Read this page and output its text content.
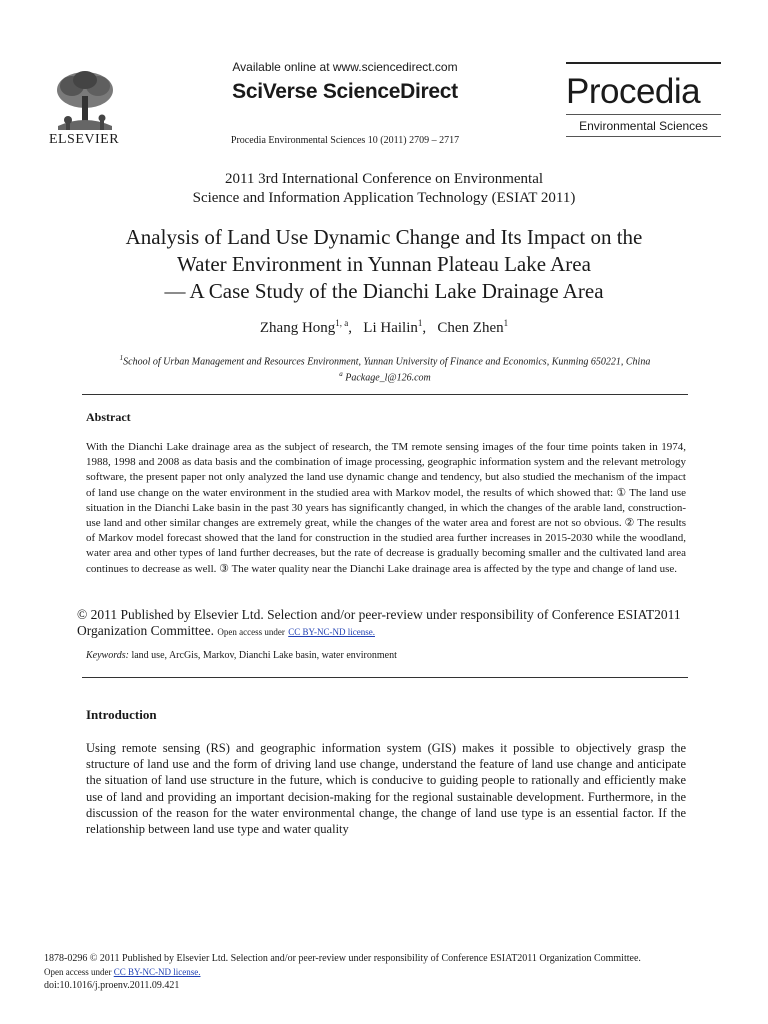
ELSEVIER
Available online at www.sciencedirect.com
SciVerse ScienceDirect
Procedia Environmental Sciences 10 (2011) 2709 – 2717
Procedia
Environmental Sciences
2011 3rd International Conference on Environmental
Science and Information Application Technology (ESIAT 2011)
Analysis of Land Use Dynamic Change and Its Impact on the
Water Environment in Yunnan Plateau Lake Area
— A Case Study of the Dianchi Lake Drainage Area
Zhang Hong$^{1, a}$, Li Hailin$^1$, Chen Zhen$^1$
$^1$School of Urban Management and Resources Environment, Yunnan University of Finance and Economics, Kunming 650221, China
$^a$ Package_l@126.com
Abstract
With the Dianchi Lake drainage area as the subject of research, the TM remote sensing images of the four time points taken in 1974, 1988, 1998 and 2008 as data basis and the combination of image processing, geographic information system and the relevant metrology software, the present paper not only analyzed the land use dynamic change and tendency, but also studied the mechanism of the impact of land use change on the water environment in the studied area with Markov model, the results of which showed that: ① The land use situation in the Dianchi Lake basin in the past 30 years has significantly changed, in which the changes of the arable land, construction-use land and other similar changes are extremely great, while the changes of the water area and forest are not so obvious. ② The results of Markov model forecast showed that the land for construction in the studied area further increases in 2015-2030 while the woodland, water area and other types of land further decreases, but the rate of decrease is gradually becoming smaller and the cultivated land area continues to decrease as well. ③ The water quality near the Dianchi Lake drainage area is affected by the type and change of land use.
© 2011 Published by Elsevier Ltd. Selection and/or peer-review under responsibility of Conference ESIAT2011 Organization Committee. Open access under CC BY-NC-ND license.
Keywords: land use, ArcGis, Markov, Dianchi Lake basin, water environment
Introduction
Using remote sensing (RS) and geographic information system (GIS) makes it possible to objectively grasp the structure of land use and the form of driving land use change, understand the feature of land use change and anticipate the situation of land use structure in the future, which is conducive to guiding people to rationally and efficiently make use of land and providing an important decision-making for the regional sustainable development. Furthermore, in the discussion of the reason for the water environmental change, the change of land use type is an essential factor. If the relationship between land use type and water quality
1878-0296 © 2011 Published by Elsevier Ltd. Selection and/or peer-review under responsibility of Conference ESIAT2011 Organization Committee.
Open access under CC BY-NC-ND license.
doi:10.1016/j.proenv.2011.09.421
